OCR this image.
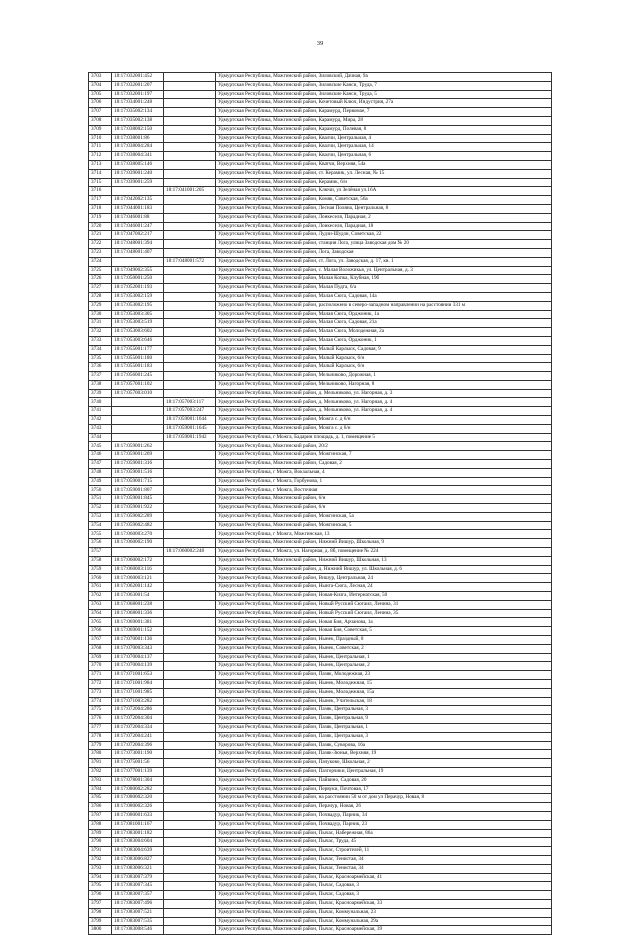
39
3703	18:17:032001:452		Удмуртская Республика, Можгинский район, Зиловский, Дачная, 9а
3704	18:17:032001:207		Удмуртская Республика, Можгинский район, Зиловские Канси, Труда, 7
3705	18:17:032001:197		Удмуртская Республика, Можгинский район, Зиловские Канси, Труда, 5
3706	18:17:034001:248		Удмуртская Республика, Можгинский район, Кочетовый Ключ, Индустрия, 27а
3707	18:17:035002:134		Удмуртская Республика, Можгинский район, Карамурд, Первомае, 7
3708	18:17:035002:138		Удмуртская Республика, Можгинский район, Карамурд, Мира, 28
3709	18:17:038002:150		Удмуртская Республика, Можгинский район, Карамурд, Полевая, 8
3710	18:17:038001:86		Удмуртская Республика, Можгинский район, Квалчи, Центральная, 4
3711	18:17:038004:284		Удмуртская Республика, Можгинский район, Квалчи, Центральная, 14
3712	18:17:038004:341		Удмуртская Республика, Можгинский район, Квалчи, Центральная, 6
3713	18:17:038005:146		Удмуртская Республика, Можгинский район, Кватчи, Верхняя, 54а
3714	18:17:039001:240		Удмуртская Республика, Можгинский район, ст. Керамик, ул. Лесная, № 15
3715	18:17:039001:259		Удмуртская Республика, Можгинский район, Керамик, 6/н
3716		18:17:041001:205	Удмуртская Республика, Можгинский район, Ключи, ул Зелёная ул.16А
3717	18:17:042002:135		Удмуртская Республика, Можгинский район, Комяк, Советская, 56а
3718	18:17:044001:183		Удмуртская Республика, Можгинский район, Лесная Поляна, Центральная, 8
3719	18:17:046001:88		Удмуртская Республика, Можгинский район, Лонкеселя, Парадная, 2
3720	18:17:046001:247		Удмуртская Республика, Можгинский район, Лонкеселя, Парадная, 18
3721	18:17:047002:217		Удмуртская Республика, Можгинский район, Лудзи-Шудзи, Советская, 22
3722	18:17:048001:394		Удмуртская Республика, Можгинский район, станция Лога, улица Заводская дом № 20
3723	18:17:048001:407		Удмуртская Республика, Можгинский район, Лога, Заводская
3724		18:17:048001:572	Удмуртская Республика, Можгинский район, ст. Лога, ул. Заводская, д. 17, кв. 1
3725	18:17:049002:355		Удмуртская Республика, Можгинский район, с. Малая Воложикья, ул. Центральная, д. 3
3726	18:17:050001:250		Удмуртская Республика, Можгинский район, Малая Копка, Клубная, 19б
3727	18:17:052001:193		Удмуртская Республика, Можгинский район, Малая Пудга, 6/а
3728	18:17:053002:159		Удмуртская Республика, Можгинский район, Малая Сюга, Садовая, 14а
3729	18:17:053002:195		Удмуртская Республика, Можгинский район, расположено в северо-западном направлении на расстоянии 331 м
3730	18:17:053003:305		Удмуртская Республика, Можгинский район, Малая Сюга, Орджоник, 1а
3731	18:17:053003:519		Удмуртская Республика, Можгинский район, Малая Сюга, Садовая, 21а
3732	18:17:053003:602		Удмуртская Республика, Можгинский район, Малая Сюга, Молодежная, 2а
3733	18:17:053003:646		Удмуртская Республика, Можгинский район, Малая Сюга, Орджоник, 1
3734	18:17:055001:177		Удмуртская Республика, Можгинский район, Малый Карлыск, Садовая, 9
3735	18:17:055001:180		Удмуртская Республика, Можгинский район, Малый Карлыск, 6/н
3736	18:17:055001:183		Удмуртская Республика, Можгинский район, Малый Карлыск, 6/н
3737	18:17:056001:245		Удмуртская Республика, Можгинский район, Мельниково, Дорожная, 1
3738	18:17:057001:102		Удмуртская Республика, Можгинский район, Мельниково, Нагорная, 8
3739	18:17:057003:010		Удмуртская Республика, Можгинский район, д. Мельниково, ул. Нагорная, д. 3
3740		18:17:057003:117	Удмуртская Республика, Можгинский район, д. Мельниково, ул. Нагорная, д. 4
3741		18:17:057003:247	Удмуртская Республика, Можгинский район, д. Мельниково, ул. Нагорная, д. 4
3742		18:17:059001:1644	Удмуртская Республика, Можгинский район, Можга с. д 6/н
3743		18:17:059001:1645	Удмуртская Республика, Можгинский район, Можга с. д 6/н
3744		18:17:059001:1942	Удмуртская Республика, г Можга, Бадарин площадь, д. 1, помещение 5
3745	18:17:059001:262		Удмуртская Республика, Можгинский район, 20/2
3746	18:17:059001:269		Удмуртская Республика, Можгинский район, Можгинская, 7
3747	18:17:059001:316		Удмуртская Республика, Можгинский район, Садовая, 2
3748	18:17:059001:516		Удмуртская Республика, г Можга, Вокзальная, 4
3749	18:17:059001:715		Удмуртская Республика, г Можга, Горбунова, 1
3750	18:17:059001:807		Удмуртская Республика, г Можга, Восточная
3751	18:17:059001:845		Удмуртская Республика, Можгинский район, 6/н
3752	18:17:059001:922		Удмуртская Республика, Можгинский район, 6/н
3753	18:17:059002:289		Удмуртская Республика, Можгинский район, Можгинская, 5а
3754	18:17:059002:482		Удмуртская Республика, Можгинский район, Можгинская, 5
3755	18:17:060003:270		Удмуртская Республика, г Можга, Можгинская, 13
3756	18:17:060002:190		Удмуртская Республика, Можгинский район, Нижний Вишур, Школьная, 9
3757		18:17:060002:248	Удмуртская Республика, г Можга, ул. Нагорная, д. 8б, помещение № 224
3758	18:17:060002:172		Удмуртская Республика, Можгинский район, Нижний Вишур, Школьная, 13
3759	18:17:060003:116		Удмуртская Республика, Можгинский район, д. Нижний Вишур, ул. Школьная, д. 6
3760	18:17:060003:121		Удмуртская Республика, Можгинский район, Вишур, Центральная, 24
3761	18:17:062001:142		Удмуртская Республика, Можгинский район, Нынга-Сюга, Лесная, 24
3762	18:17:063001:54		Удмуртская Республика, Можгинский район, Новая-Кизга, Интернатская, 50
3763	18:17:068001:238		Удмуртская Республика, Можгинский район, Новый Русский Сюгаил, Ленина, 31
3764	18:17:068001:336		Удмуртская Республика, Можгинский район, Новый Русский Сюгаил, Ленина, 35
3765	18:17:069001:381		Удмуртская Республика, Можгинский район, Новая Бия, Арчанова, 1а
3766	18:17:069001:152		Удмуртская Республика, Можгинский район, Новая Бия, Советская, 5
3767	18:17:070001:136		Удмуртская Республика, Можгинский район, Нынек, Праздный, 8
3768	18:17:070003:343		Удмуртская Республика, Можгинский район, Нынек, Советская, 2
3769	18:17:070004:137		Удмуртская Республика, Можгинский район, Нынек, Центральная, 1
3770	18:17:070004:139		Удмуртская Республика, Можгинский район, Нынек, Центральная, 2
3771	18:17:071001:653		Удмуртская Республика, Можгинский район, Пазяк, Молодежная, 23
3772	18:17:071001:984		Удмуртская Республика, Можгинский район, Нынек, Молодежная, 15
3773	18:17:071001:985		Удмуртская Республика, Можгинский район, Нынек, Молодежная, 15а
3774	18:17:071003:282		Удмуртская Республика, Можгинский район, Нынек, Учительская, 18
3775	18:17:072004:286		Удмуртская Республика, Можгинский район, Пазяк, Центральная, 3
3776	18:17:072004:304		Удмуртская Республика, Можгинский район, Пазяк, Центральная, 9
3777	18:17:072004:334		Удмуртская Республика, Можгинский район, Пазяк, Центральная, 1
3778	18:17:072004:241		Удмуртская Республика, Можгинский район, Пазяк, Центральная, 3
3779	18:17:072004:396		Удмуртская Республика, Можгинский район, Пазяк, Суворова, 16а
3780	18:17:073001:190		Удмуртская Республика, Можгинский район, Пазяк-Зюнья, Верхняя, 19
3781	18:17:075001:56		Удмуртская Республика, Можгинский район, Пачуково, Школьная, 2
3782	18:17:077001:139		Удмуртская Республика, Можгинский район, Пазгорчики, Центральная, 19
3783	18:17:078001:304		Удмуртская Республика, Можгинский район, Пайвино, Садовая, 20
3784	18:17:080002:282		Удмуртская Республика, Можгинский район, Первуки, Почтовая, 17
3785	18:17:080002:320		Удмуртская Республика, Можгинский район, на расстоянии 50 м от дом ул Перачур, Новая, 8
3786	18:17:080002:326		Удмуртская Республика, Можгинский район, Перачур, Новая, 26
3787	18:17:080001:633		Удмуртская Республика, Можгинский район, Почвадур, Парник, 34
3788	18:17:081001:167		Удмуртская Республика, Можгинский район, Почвадур, Парник, 23
3789	18:17:083001:182		Удмуртская Республика, Можгинский район, Пычас, Набережная, 86а
3790	18:17:083004:604		Удмуртская Республика, Можгинский район, Пычас, Труда, 45
3791	18:17:083004:639		Удмуртская Республика, Можгинский район, Пычас, Строителей, 11
3792	18:17:083006:827		Удмуртская Республика, Можгинский район, Пычас, Тенистая, 34
3793	18:17:083006:321		Удмуртская Республика, Можгинский район, Пычас, Тенистая, 34
3794	18:17:083007:379		Удмуртская Республика, Можгинский район, Пычас, Красноармейская, 41
3795	18:17:083007:345		Удмуртская Республика, Можгинский район, Пычас, Садовая, 3
3796	18:17:083007:357		Удмуртская Республика, Можгинский район, Пычас, Садовая, 3
3797	18:17:083007:496		Удмуртская Республика, Можгинский район, Пычас, Красноармейская, 33
3798	18:17:083007:521		Удмуртская Республика, Можгинский район, Пычас, Коммунальная, 23
3799	18:17:083007:535		Удмуртская Республика, Можгинский район, Пычас, Коммунальная, 29а
3800	18:17:083008:546		Удмуртская Республика, Можгинский район, Пычас, Красноармейская, 39
